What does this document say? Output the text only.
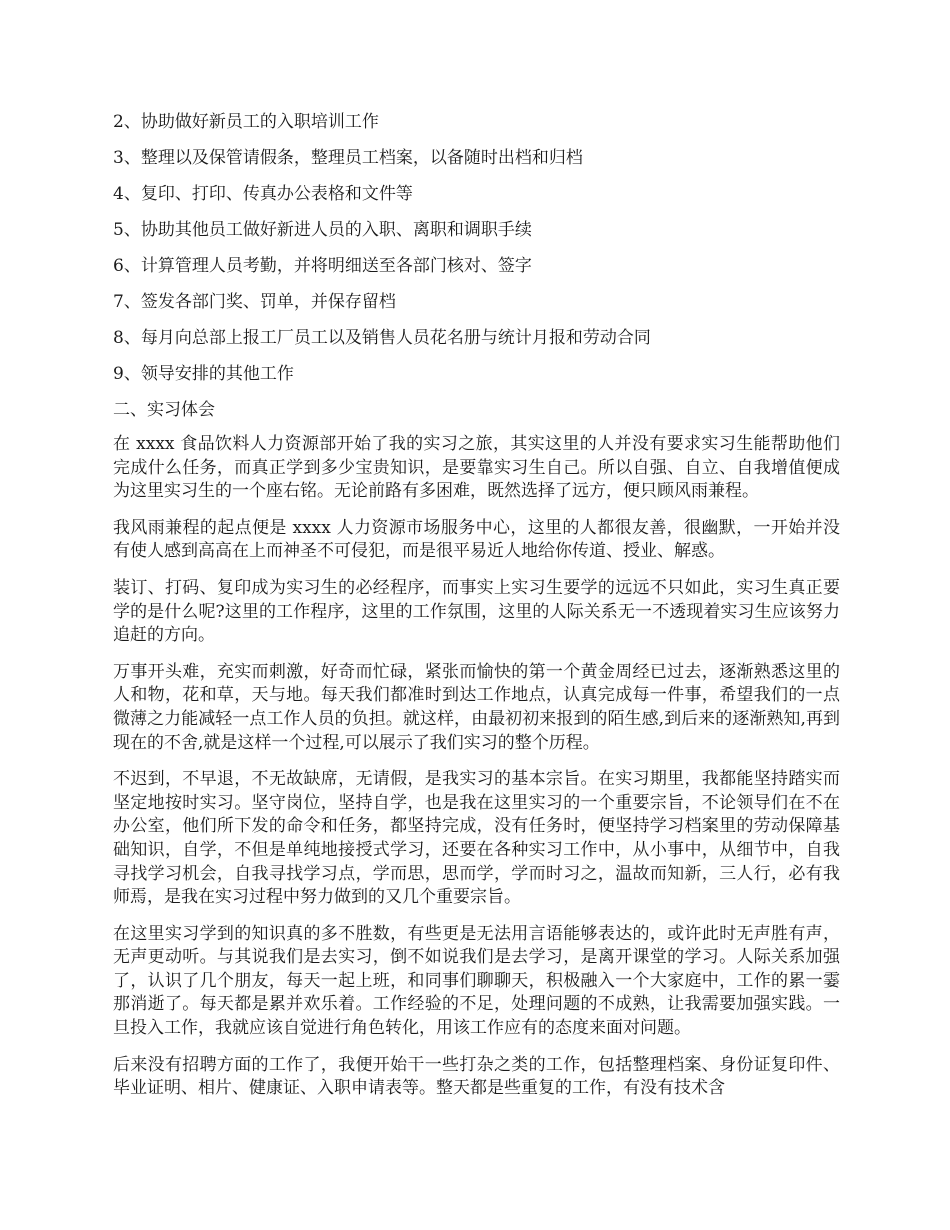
2、协助做好新员工的入职培训工作
3、整理以及保管请假条，整理员工档案，以备随时出档和归档
4、复印、打印、传真办公表格和文件等
5、协助其他员工做好新进人员的入职、离职和调职手续
6、计算管理人员考勤，并将明细送至各部门核对、签字
7、签发各部门奖、罚单，并保存留档
8、每月向总部上报工厂员工以及销售人员花名册与统计月报和劳动合同
9、领导安排的其他工作
二、实习体会

在 xxxx 食品饮料人力资源部开始了我的实习之旅，其实这里的人并没有要求实习生能帮助他们完成什么任务，而真正学到多少宝贵知识，是要靠实习生自己。所以自强、自立、自我增值便成为这里实习生的一个座右铭。无论前路有多困难，既然选择了远方，便只顾风雨兼程。

我风雨兼程的起点便是 xxxx 人力资源市场服务中心，这里的人都很友善，很幽默，一开始并没有使人感到高高在上而神圣不可侵犯，而是很平易近人地给你传道、授业、解惑。

装订、打码、复印成为实习生的必经程序，而事实上实习生要学的远远不只如此，实习生真正要学的是什么呢?这里的工作程序，这里的工作氛围，这里的人际关系无一不透现着实习生应该努力追赶的方向。

万事开头难，充实而刺激，好奇而忙碌，紧张而愉快的第一个黄金周经已过去，逐渐熟悉这里的人和物，花和草，天与地。每天我们都准时到达工作地点，认真完成每一件事，希望我们的一点微薄之力能减轻一点工作人员的负担。就这样，由最初初来报到的陌生感,到后来的逐渐熟知,再到现在的不舍,就是这样一个过程,可以展示了我们实习的整个历程。

不迟到，不早退，不无故缺席，无请假，是我实习的基本宗旨。在实习期里，我都能坚持踏实而坚定地按时实习。坚守岗位，坚持自学，也是我在这里实习的一个重要宗旨，不论领导们在不在办公室，他们所下发的命令和任务，都坚持完成，没有任务时，便坚持学习档案里的劳动保障基础知识，自学，不但是单纯地接授式学习，还要在各种实习工作中，从小事中，从细节中，自我寻找学习机会，自我寻找学习点，学而思，思而学，学而时习之，温故而知新，三人行，必有我师焉，是我在实习过程中努力做到的又几个重要宗旨。

在这里实习学到的知识真的多不胜数，有些更是无法用言语能够表达的，或许此时无声胜有声，无声更动听。与其说我们是去实习，倒不如说我们是去学习，是离开课堂的学习。人际关系加强了，认识了几个朋友，每天一起上班，和同事们聊聊天，积极融入一个大家庭中，工作的累一霎那消逝了。每天都是累并欢乐着。工作经验的不足，处理问题的不成熟，让我需要加强实践。一旦投入工作，我就应该自觉进行角色转化，用该工作应有的态度来面对问题。

后来没有招聘方面的工作了，我便开始干一些打杂之类的工作，包括整理档案、身份证复印件、毕业证明、相片、健康证、入职申请表等。整天都是些重复的工作，有没有技术含
